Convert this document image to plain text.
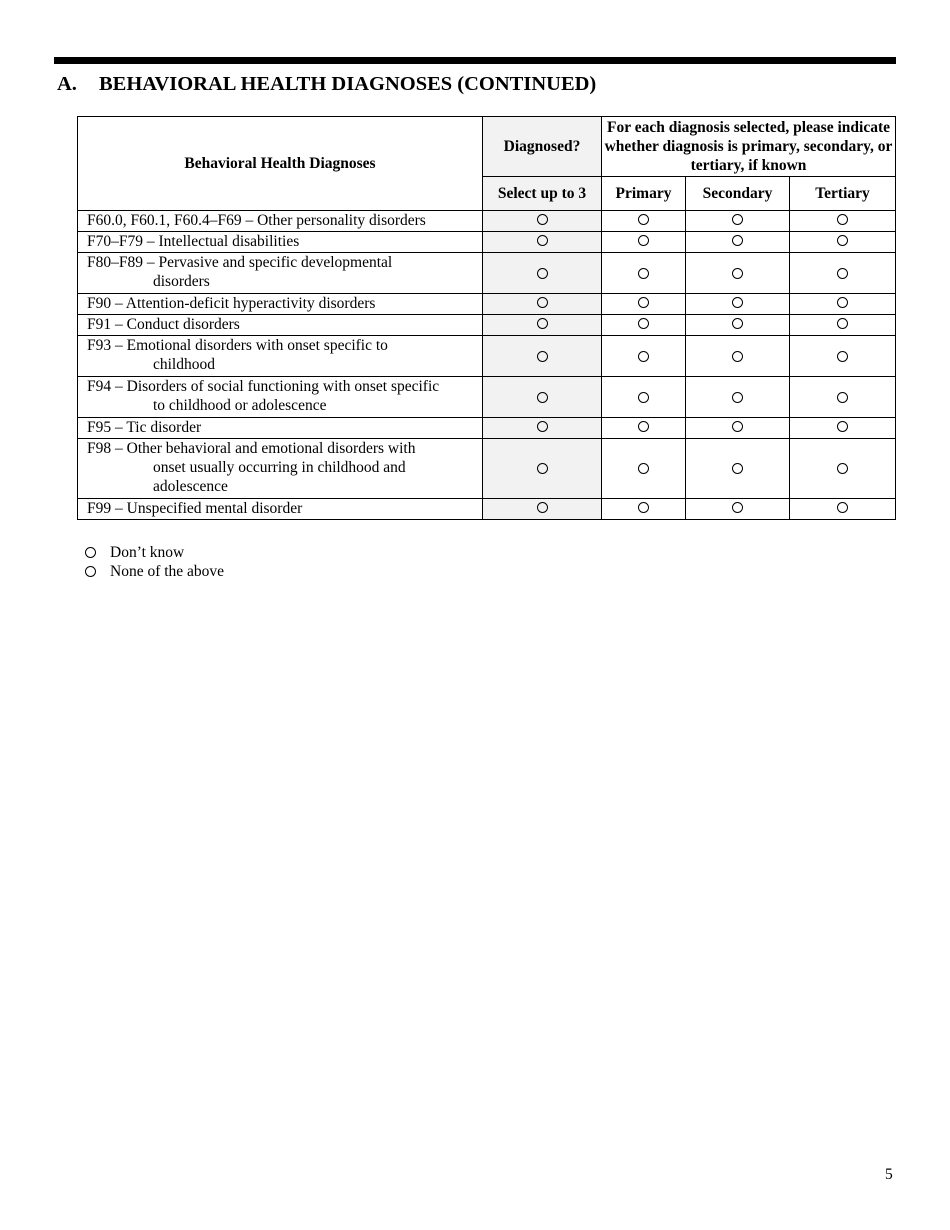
A. BEHAVIORAL HEALTH DIAGNOSES (CONTINUED)
Behavioral Health Diagnoses	Diagnosed?	For each diagnosis selected, please indicate whether diagnosis is primary, secondary, or tertiary, if known		
	Select up to 3	Primary	Secondary	Tertiary
F60.0, F60.1, F60.4–F69 – Other personality disorders				
F70–F79 – Intellectual disabilities				
F80–F89 – Pervasive and specific developmental
disorders				

F90 – Attention-deficit hyperactivity disorders				
F91 – Conduct disorders				
F93 – Emotional disorders with onset specific to
childhood				

F94 – Disorders of social functioning with onset specific
to childhood or adolescence				

F95 – Tic disorder				
F98 – Other behavioral and emotional disorders with
onset usually occurring in childhood and
adolescence				

F99 – Unspecified mental disorder				
Don’t know
None of the above
5
